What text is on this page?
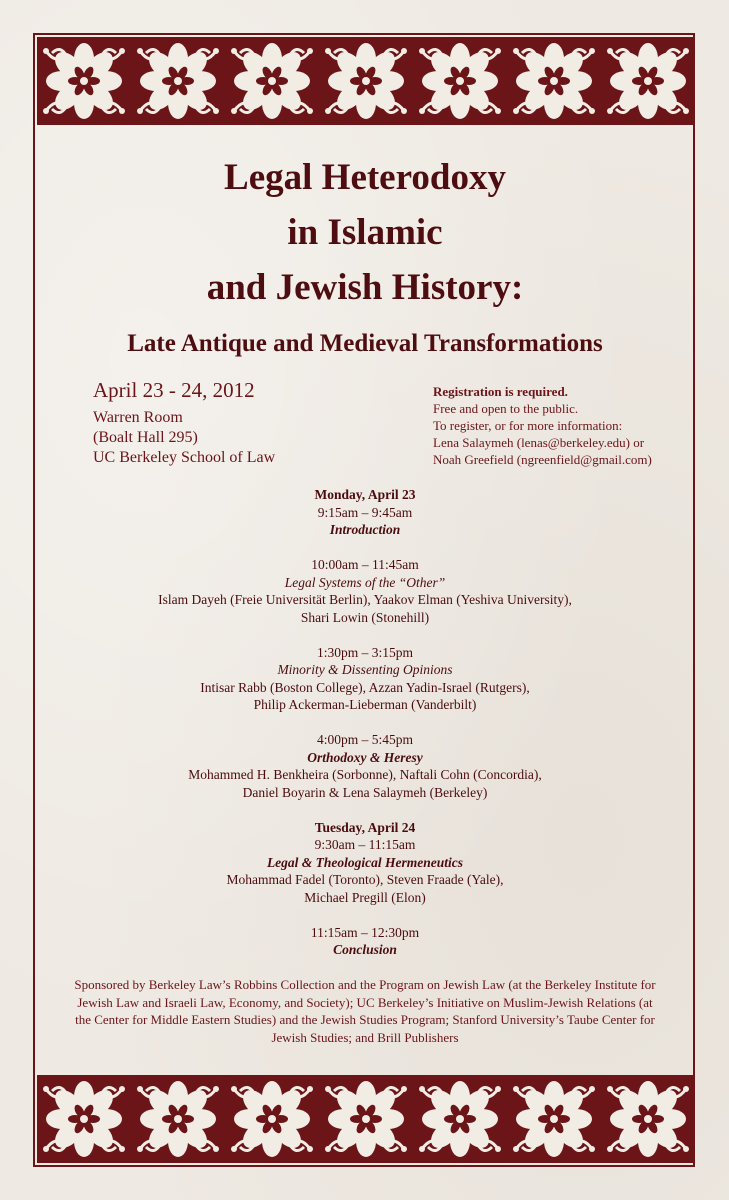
Legal Heterodoxy
in Islamic
and Jewish History:
Late Antique and Medieval Transformations
April 23 - 24, 2012
Warren Room
(Boalt Hall 295)
UC Berkeley School of Law
Registration is required.
Free and open to the public.
To register, or for more information:
Lena Salaymeh (lenas@berkeley.edu) or
Noah Greefield (ngreenfield@gmail.com)
Monday, April 23
9:15am – 9:45am
Introduction
10:00am – 11:45am
Legal Systems of the “Other”
Islam Dayeh (Freie Universität Berlin), Yaakov Elman (Yeshiva University),
Shari Lowin (Stonehill)
1:30pm – 3:15pm
Minority & Dissenting Opinions
Intisar Rabb (Boston College), Azzan Yadin-Israel (Rutgers),
Philip Ackerman-Lieberman (Vanderbilt)
4:00pm – 5:45pm
Orthodoxy & Heresy
Mohammed H. Benkheira (Sorbonne), Naftali Cohn (Concordia),
Daniel Boyarin & Lena Salaymeh (Berkeley)
Tuesday, April 24
9:30am – 11:15am
Legal & Theological Hermeneutics
Mohammad Fadel (Toronto), Steven Fraade (Yale),
Michael Pregill (Elon)
11:15am – 12:30pm
Conclusion
Sponsored by Berkeley Law’s Robbins Collection and the Program on Jewish Law (at the Berkeley Institute for Jewish Law and Israeli Law, Economy, and Society); UC Berkeley’s Initiative on Muslim-Jewish Relations (at the Center for Middle Eastern Studies) and the Jewish Studies Program; Stanford University’s Taube Center for Jewish Studies; and Brill Publishers
